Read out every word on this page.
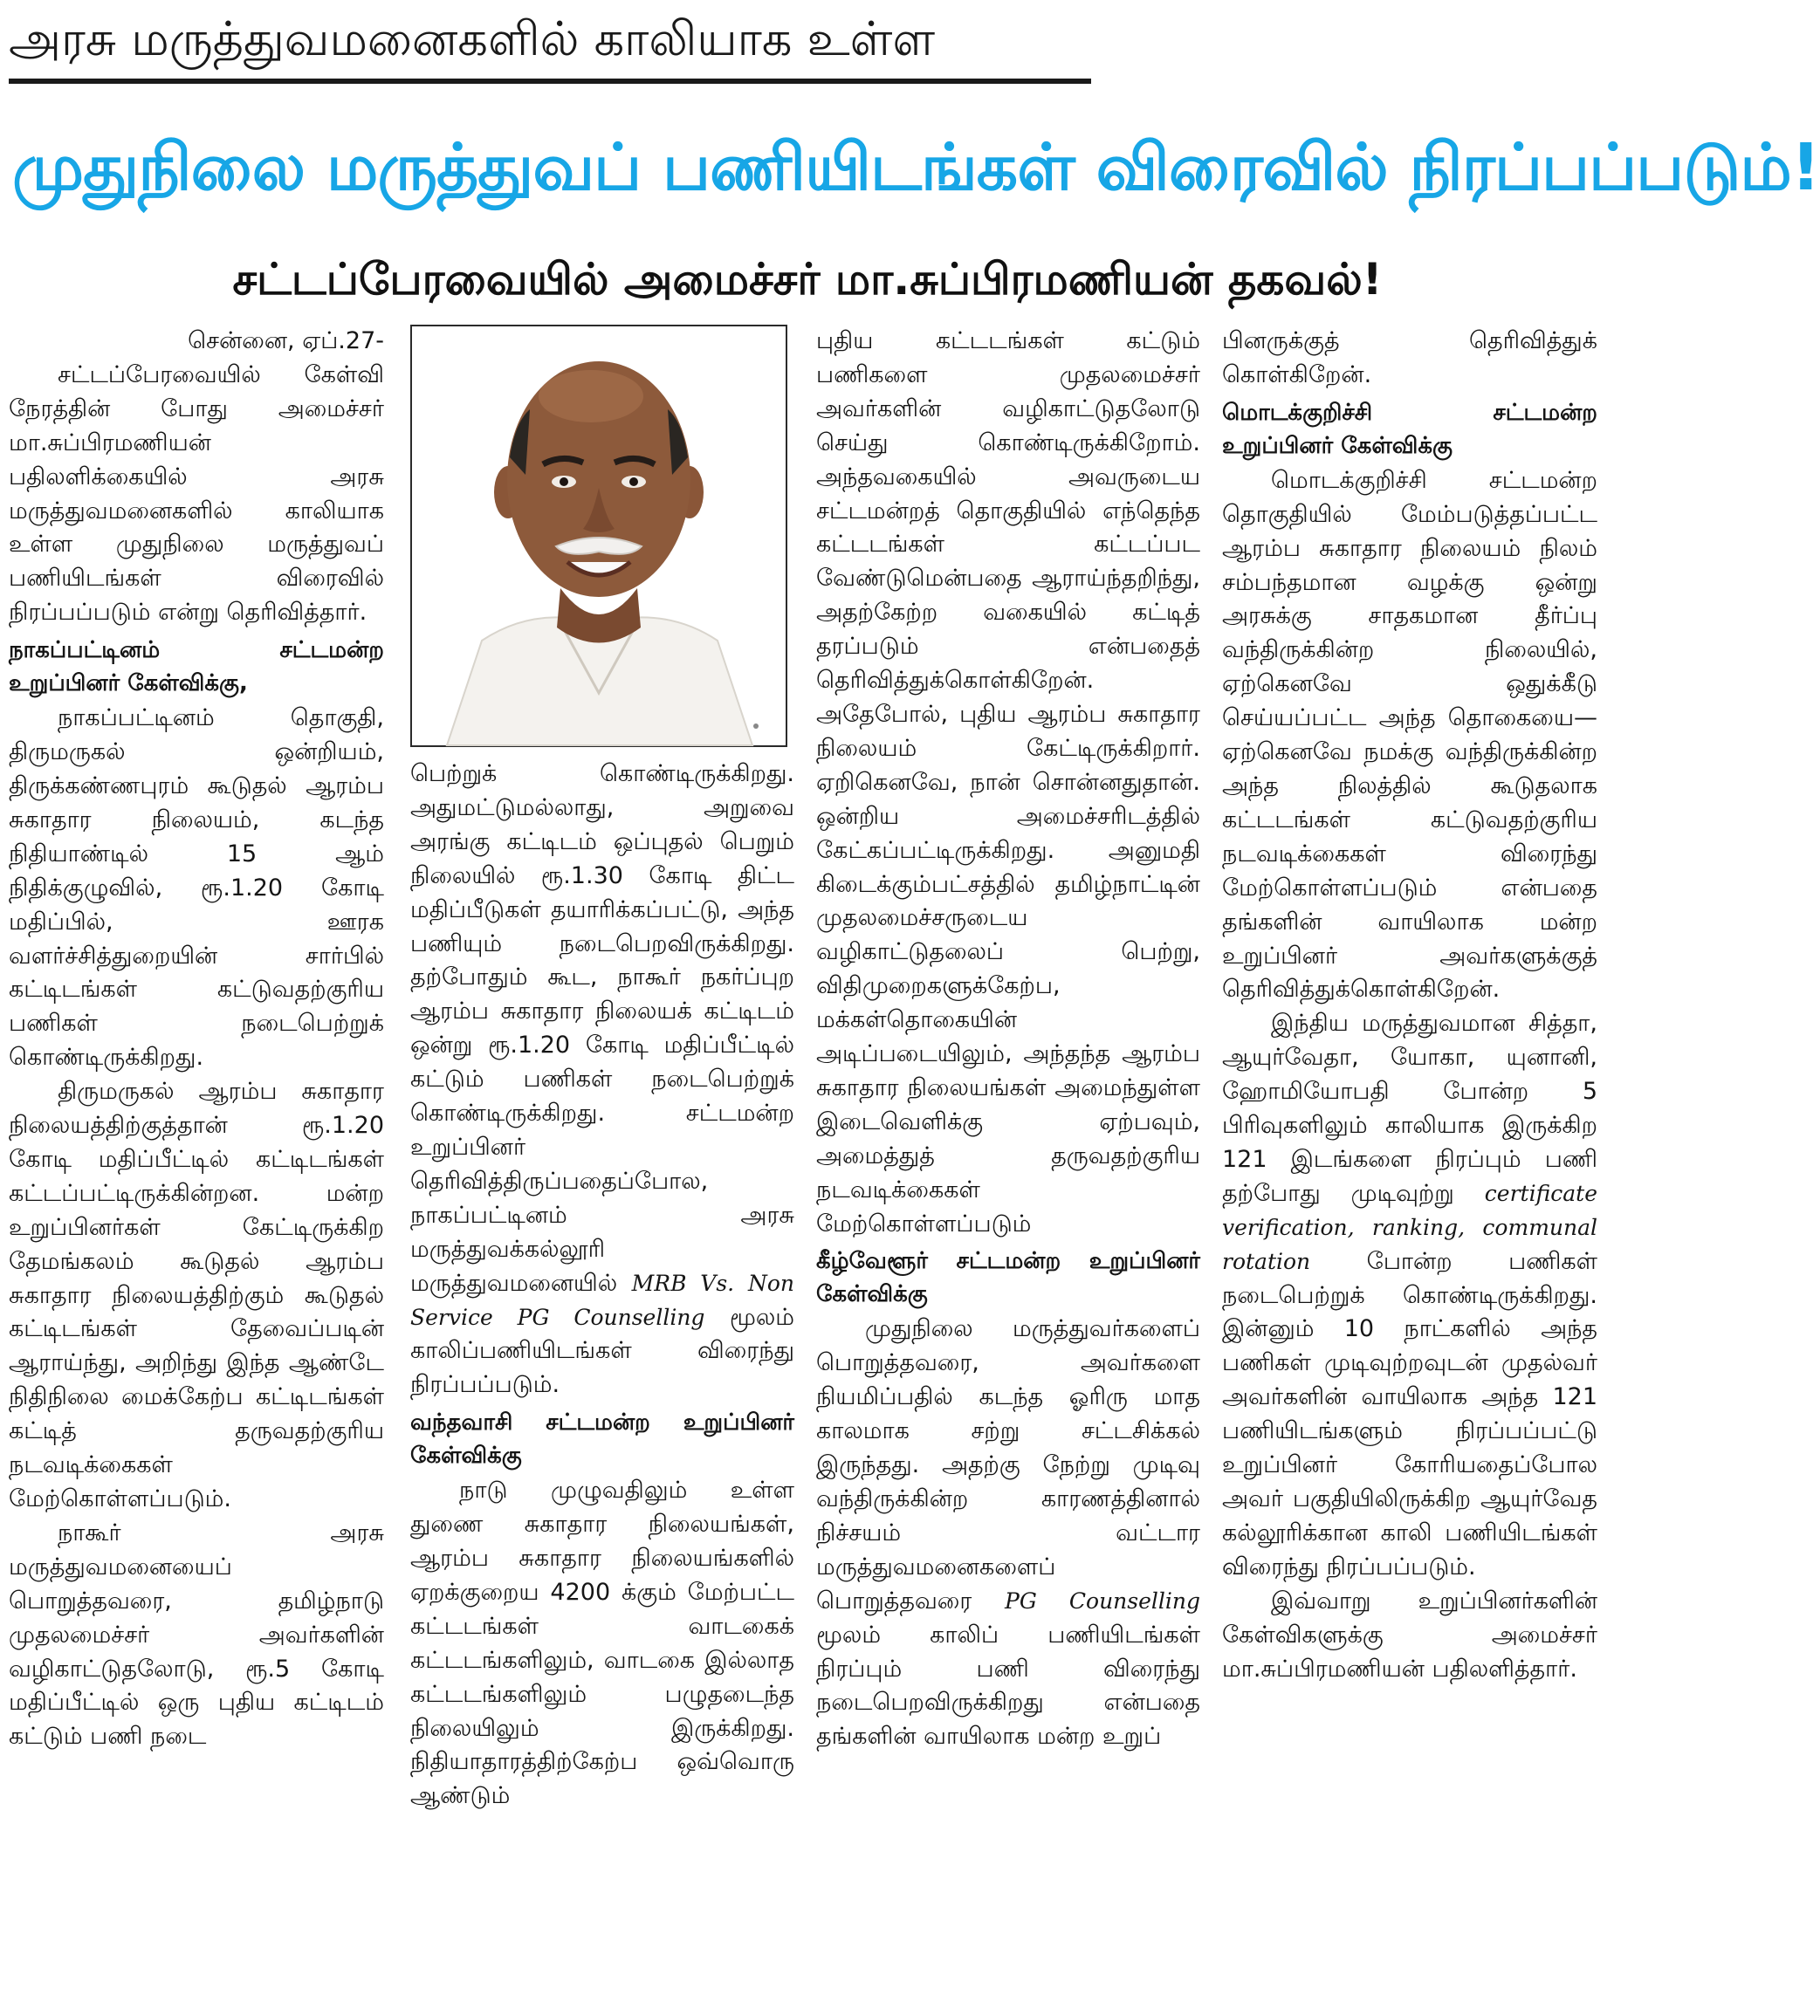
அரசு மருத்துவமனைகளில் காலியாக உள்ள
முதுநிலை மருத்துவப் பணியிடங்கள் விரைவில் நிரப்பப்படும்!
சட்டப்பேரவையில் அமைச்சர் மா.சுப்பிரமணியன் தகவல்!

சென்னை, ஏப்.27-

சட்டப்பேரவையில் கேள்வி நேரத்தின் போது அமைச்சர் மா.சுப்பிரமணியன் பதிலளிக்கையில் அரசு மருத்துவமனைகளில் காலியாக உள்ள முதுநிலை மருத்துவப் பணியிடங்கள் விரைவில் நிரப்பப்படும் என்று தெரிவித்தார்.

நாகப்பட்டினம் சட்டமன்ற உறுப்பினர் கேள்விக்கு,

நாகப்பட்டினம் தொகுதி, திருமருகல் ஒன்றியம், திருக்கண்ணபுரம் கூடுதல் ஆரம்ப சுகாதார நிலையம், கடந்த நிதியாண்டில் 15 ஆம் நிதிக்குழுவில், ரூ.1.20 கோடி மதிப்பில், ஊரக வளர்ச்சித்துறையின் சார்பில் கட்டிடங்கள் கட்டுவதற்குரிய பணிகள் நடைபெற்றுக் கொண்டிருக்கிறது.

திருமருகல் ஆரம்ப சுகாதார நிலையத்திற்குத்தான் ரூ.1.20 கோடி மதிப்பீட்டில் கட்டிடங்கள் கட்டப்பட்டிருக்கின்றன. மன்ற உறுப்பினர்கள் கேட்டிருக்கிற தேமங்கலம் கூடுதல் ஆரம்ப சுகாதார நிலையத்திற்கும் கூடுதல் கட்டிடங்கள் தேவைப்படின் ஆராய்ந்து, அறிந்து இந்த ஆண்டே நிதிநிலை மைக்கேற்ப கட்டிடங்கள் கட்டித் தருவதற்குரிய நடவடிக்கைகள் மேற்கொள்ளப்படும்.

நாகூர் அரசு மருத்துவமனையைப் பொறுத்தவரை, தமிழ்நாடு முதலமைச்சர் அவர்களின் வழிகாட்டுதலோடு, ரூ.5 கோடி மதிப்பீட்டில் ஒரு புதிய கட்டிடம் கட்டும் பணி நடை

பெற்றுக் கொண்டிருக்கிறது. அதுமட்டுமல்லாது, அறுவை அரங்கு கட்டிடம் ஒப்புதல் பெறும் நிலையில் ரூ.1.30 கோடி திட்ட மதிப்பீடுகள் தயாரிக்கப்பட்டு, அந்த பணியும் நடைபெறவிருக்கிறது. தற்போதும் கூட, நாகூர் நகர்ப்புற ஆரம்ப சுகாதார நிலையக் கட்டிடம் ஒன்று ரூ.1.20 கோடி மதிப்பீட்டில் கட்டும் பணிகள் நடைபெற்றுக் கொண்டிருக்கிறது. சட்டமன்ற உறுப்பினர் தெரிவித்திருப்பதைப்போல, நாகப்பட்டினம் அரசு மருத்துவக்கல்லூரி மருத்துவமனையில் MRB Vs. Non Service PG Counselling மூலம் காலிப்பணியிடங்கள் விரைந்து நிரப்பப்படும்.

வந்தவாசி சட்டமன்ற உறுப்பினர் கேள்விக்கு

நாடு முழுவதிலும் உள்ள துணை சுகாதார நிலையங்கள், ஆரம்ப சுகாதார நிலையங்களில் ஏறக்குறைய 4200 க்கும் மேற்பட்ட கட்டடங்கள் வாடகைக் கட்டடங்களிலும், வாடகை இல்லாத கட்டடங்களிலும் பழுதடைந்த நிலையிலும் இருக்கிறது. நிதியாதாரத்திற்கேற்ப ஒவ்வொரு ஆண்டும்

புதிய கட்டடங்கள் கட்டும் பணிகளை முதலமைச்சர் அவர்களின் வழிகாட்டுதலோடு செய்து கொண்டிருக்கிறோம். அந்தவகையில் அவருடைய சட்டமன்றத் தொகுதியில் எந்தெந்த கட்டடங்கள் கட்டப்பட வேண்டுமென்பதை ஆராய்ந்தறிந்து, அதற்கேற்ற வகையில் கட்டித் தரப்படும் என்பதைத் தெரிவித்துக்கொள்கிறேன். அதேபோல், புதிய ஆரம்ப சுகாதார நிலையம் கேட்டிருக்கிறார். ஏறிகெனவே, நான் சொன்னதுதான். ஒன்றிய அமைச்சரிடத்தில் கேட்கப்பட்டிருக்கிறது. அனுமதி கிடைக்கும்பட்சத்தில் தமிழ்நாட்டின் முதலமைச்சருடைய வழிகாட்டுதலைப் பெற்று, விதிமுறைகளுக்கேற்ப, மக்கள்தொகையின் அடிப்படையிலும், அந்தந்த ஆரம்ப சுகாதார நிலையங்கள் அமைந்துள்ள இடைவெளிக்கு ஏற்பவும், அமைத்துத் தருவதற்குரிய நடவடிக்கைகள் மேற்கொள்ளப்படும்

கீழ்வேளூர் சட்டமன்ற உறுப்பினர் கேள்விக்கு

முதுநிலை மருத்துவர்களைப் பொறுத்தவரை, அவர்களை நியமிப்பதில் கடந்த ஓரிரு மாத காலமாக சற்று சட்டசிக்கல் இருந்தது. அதற்கு நேற்று முடிவு வந்திருக்கின்ற காரணத்தினால் நிச்சயம் வட்டார மருத்துவமனைகளைப் பொறுத்தவரை PG Counselling மூலம் காலிப் பணியிடங்கள் நிரப்பும் பணி விரைந்து நடைபெறவிருக்கிறது என்பதை தங்களின் வாயிலாக மன்ற உறுப்

பினருக்குத் தெரிவித்துக் கொள்கிறேன்.

மொடக்குறிச்சி சட்டமன்ற உறுப்பினர் கேள்விக்கு

மொடக்குறிச்சி சட்டமன்ற தொகுதியில் மேம்படுத்தப்பட்ட ஆரம்ப சுகாதார நிலையம் நிலம் சம்பந்தமான வழக்கு ஒன்று அரசுக்கு சாதகமான தீர்ப்பு வந்திருக்கின்ற நிலையில், ஏற்கெனவே ஒதுக்கீடு செய்யப்பட்ட அந்த தொகையை—ஏற்கெனவே நமக்கு வந்திருக்கின்ற அந்த நிலத்தில் கூடுதலாக கட்டடங்கள் கட்டுவதற்குரிய நடவடிக்கைகள் விரைந்து மேற்கொள்ளப்படும் என்பதை தங்களின் வாயிலாக மன்ற உறுப்பினர் அவர்களுக்குத் தெரிவித்துக்கொள்கிறேன்.

இந்திய மருத்துவமான சித்தா, ஆயுர்வேதா, யோகா, யுனானி, ஹோமியோபதி போன்ற 5 பிரிவுகளிலும் காலியாக இருக்கிற 121 இடங்களை நிரப்பும் பணி தற்போது முடிவுற்று certificate verification, ranking, communal rotation போன்ற பணிகள் நடைபெற்றுக் கொண்டிருக்கிறது. இன்னும் 10 நாட்களில் அந்த பணிகள் முடிவுற்றவுடன் முதல்வர் அவர்களின் வாயிலாக அந்த 121 பணியிடங்களும் நிரப்பப்பட்டு உறுப்பினர் கோரியதைப்போல அவர் பகுதியிலிருக்கிற ஆயுர்வேத கல்லூரிக்கான காலி பணியிடங்கள் விரைந்து நிரப்பப்படும்.

இவ்வாறு உறுப்பினர்களின் கேள்விகளுக்கு அமைச்சர் மா.சுப்பிரமணியன் பதிலளித்தார்.
